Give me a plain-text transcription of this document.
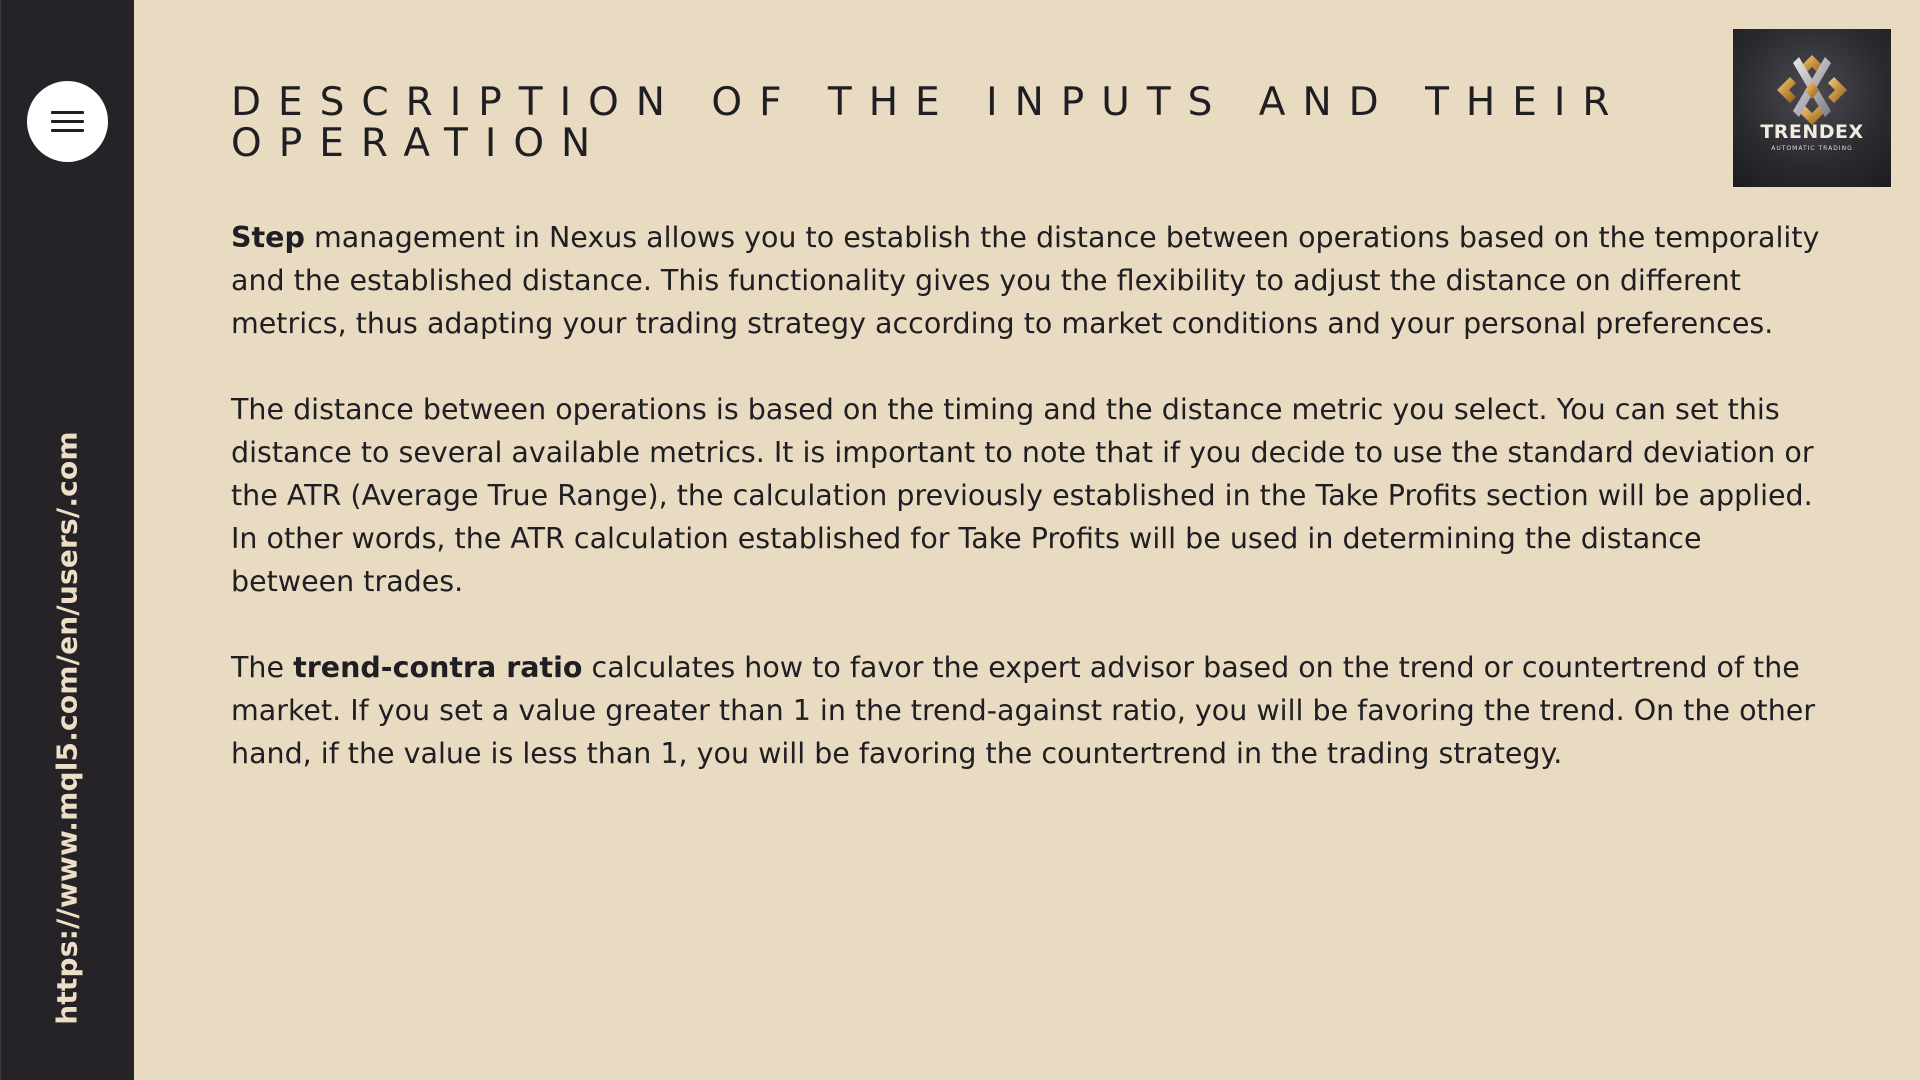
https://www.mql5.com/en/users/.com
DESCRIPTION OF THE INPUTS AND THEIR OPERATION	TRENDEX
AUTOMATIC TRADING

Step management in Nexus allows you to establish the distance between operations based on the temporality and the established distance. This functionality gives you the flexibility to adjust the distance on different metrics, thus adapting your trading strategy according to market conditions and your personal preferences.

The distance between operations is based on the timing and the distance metric you select. You can set this distance to several available metrics. It is important to note that if you decide to use the standard deviation or the ATR (Average True Range), the calculation previously established in the Take Profits section will be applied. In other words, the ATR calculation established for Take Profits will be used in determining the distance between trades.

The trend-contra ratio calculates how to favor the expert advisor based on the trend or countertrend of the market. If you set a value greater than 1 in the trend-against ratio, you will be favoring the trend. On the other hand, if the value is less than 1, you will be favoring the countertrend in the trading strategy.
